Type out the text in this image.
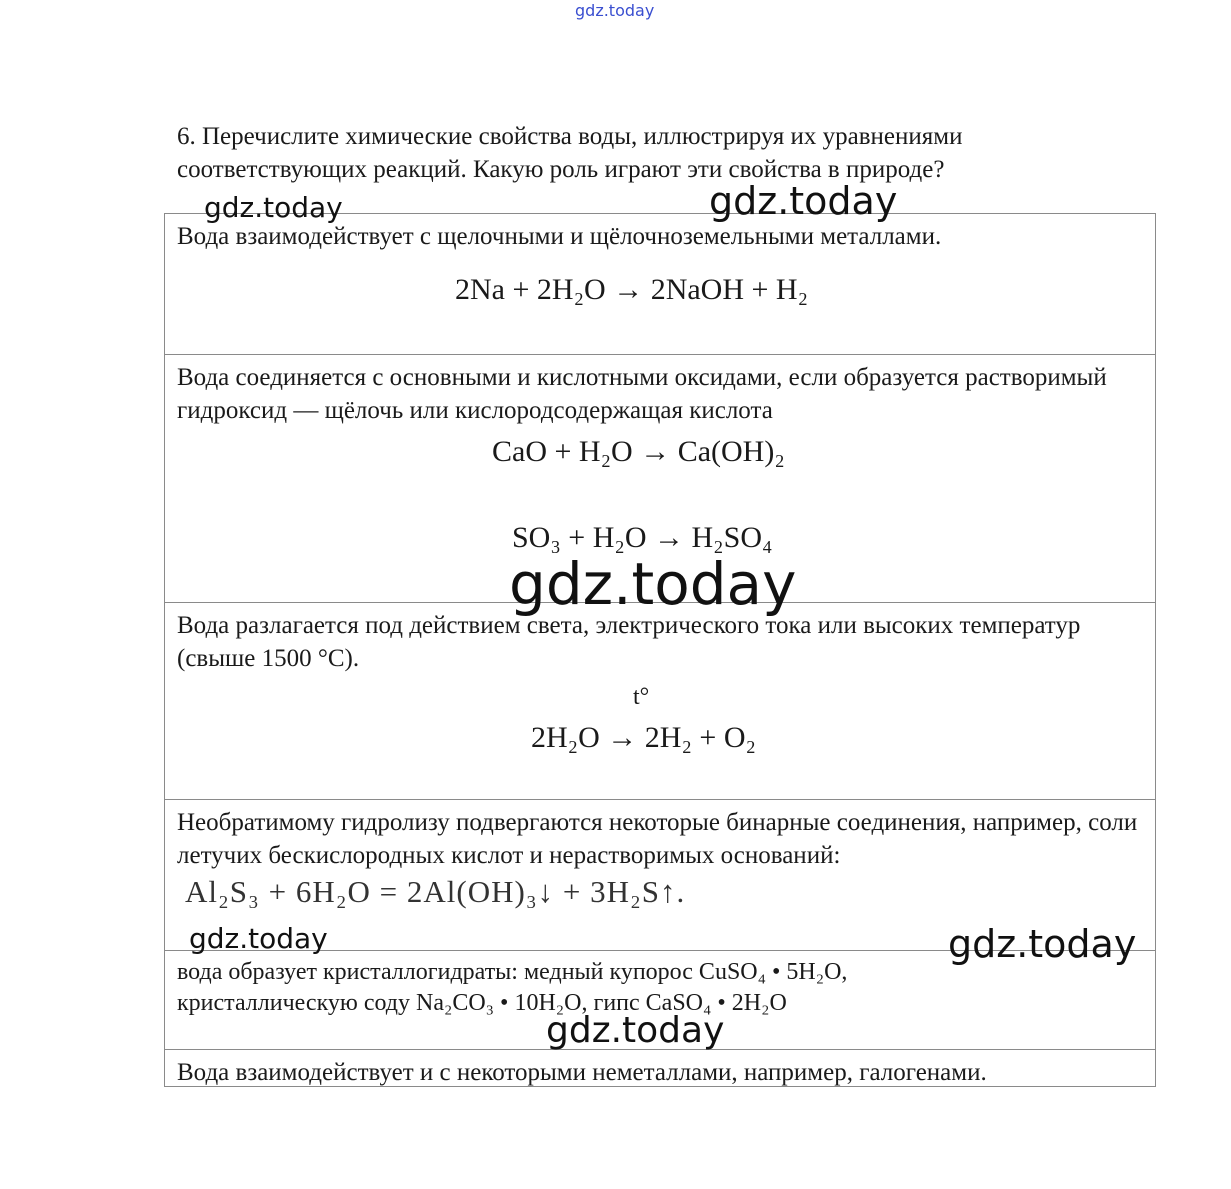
gdz.today
6. Перечислите химические свойства воды, иллюстрируя их уравнениями соответствующих реакций. Какую роль играют эти свойства в природе?
Вода взаимодействует с щелочными и щёлочноземельными металлами.
2Na + 2H₂O → 2NaOH + H₂
Вода соединяется с основными и кислотными оксидами, если образуется растворимый гидроксид — щёлочь или кислородсодержащая кислота
CaO + H₂O → Ca(OH)₂
SO₃ + H₂O → H₂SO₄
Вода разлагается под действием света, электрического тока или высоких температур (свыше 1500 °С).
t°
2H₂O → 2H₂ + O₂
Необратимому гидролизу подвергаются некоторые бинарные соединения, например, соли летучих бескислородных кислот и нерастворимых оснований:
Al₂S₃ + 6H₂O = 2Al(OH)₃↓ + 3H₂S↑.
вода образует кристаллогидраты: медный купорос CuSO₄ • 5H₂O, кристаллическую соду Na₂CO₃ • 10H₂O, гипс CaSO₄ • 2H₂O
Вода взаимодействует и с некоторыми неметаллами, например, галогенами.
gdz.today	gdz.today
gdz.today
gdz.today	gdz.today
gdz.today
